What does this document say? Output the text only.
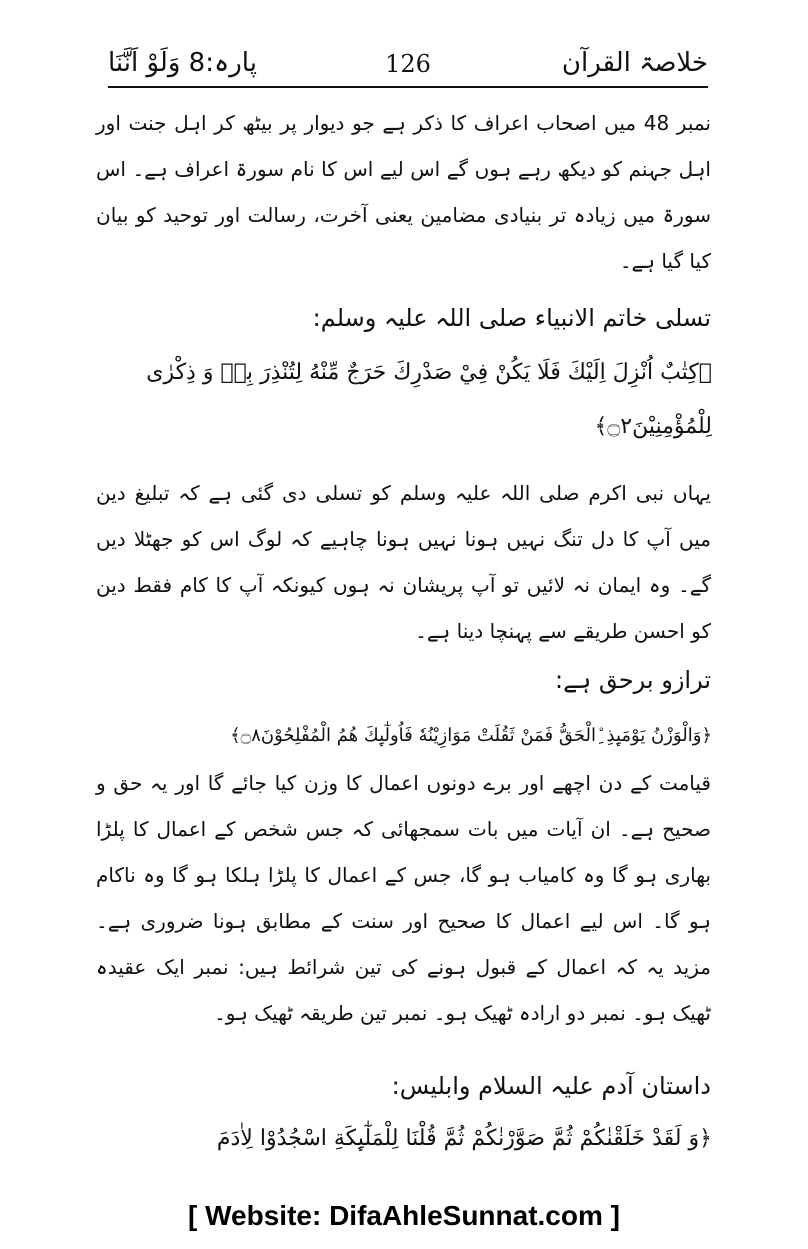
پارہ:8 وَلَوْ اَنَّنَا	126	خلاصۃ القرآن
نمبر 48 میں اصحاب اعراف کا ذکر ہے جو دیوار پر بیٹھ کر اہل جنت اور اہل جہنم کو دیکھ رہے ہوں گے اس لیے اس کا نام سورۃ اعراف ہے۔ اس سورۃ میں زیادہ تر بنیادی مضامین یعنی آخرت، رسالت اور توحید کو بیان کیا گیا ہے۔
تسلی خاتم الانبیاء صلی اللہ علیہ وسلم:
﴿كِتٰبٌ اُنْزِلَ اِلَيْكَ فَلَا يَكُنْ فِيْ صَدْرِكَ حَرَجٌ مِّنْهُ لِتُنْذِرَ بِهٖ وَ ذِكْرٰى لِلْمُؤْمِنِيْنَ۝۲﴾
یہاں نبی اکرم صلی اللہ علیہ وسلم کو تسلی دی گئی ہے کہ تبلیغ دین میں آپ کا دل تنگ نہیں ہونا نہیں ہونا چاہیے کہ لوگ اس کو جھٹلا دیں گے۔ وہ ایمان نہ لائیں تو آپ پریشان نہ ہوں کیونکہ آپ کا کام فقط دین کو احسن طریقے سے پہنچا دینا ہے۔
ترازو برحق ہے:
﴿وَالْوَزْنُ يَوْمَىِٕذِ ِۨالْحَقُّ فَمَنْ ثَقُلَتْ مَوَازِيْنُهٗ فَاُولٰٓىِٕكَ هُمُ الْمُفْلِحُوْنَ۝۸﴾
قیامت کے دن اچھے اور برے دونوں اعمال کا وزن کیا جائے گا اور یہ حق و صحیح ہے۔ ان آیات میں بات سمجھائی کہ جس شخص کے اعمال کا پلڑا بھاری ہو گا وہ کامیاب ہو گا، جس کے اعمال کا پلڑا ہلکا ہو گا وہ ناکام ہو گا۔ اس لیے اعمال کا صحیح اور سنت کے مطابق ہونا ضروری ہے۔ مزید یہ کہ اعمال کے قبول ہونے کی تین شرائط ہیں: نمبر ایک عقیدہ ٹھیک ہو۔ نمبر دو ارادہ ٹھیک ہو۔ نمبر تین طریقہ ٹھیک ہو۔
داستان آدم علیہ السلام وابلیس:
﴿وَ لَقَدْ خَلَقْنٰكُمْ ثُمَّ صَوَّرْنٰكُمْ ثُمَّ قُلْنَا لِلْمَلٰٓىِٕكَةِ اسْجُدُوْا لِاٰدَمَ
[ Website: DifaAhleSunnat.com ]
